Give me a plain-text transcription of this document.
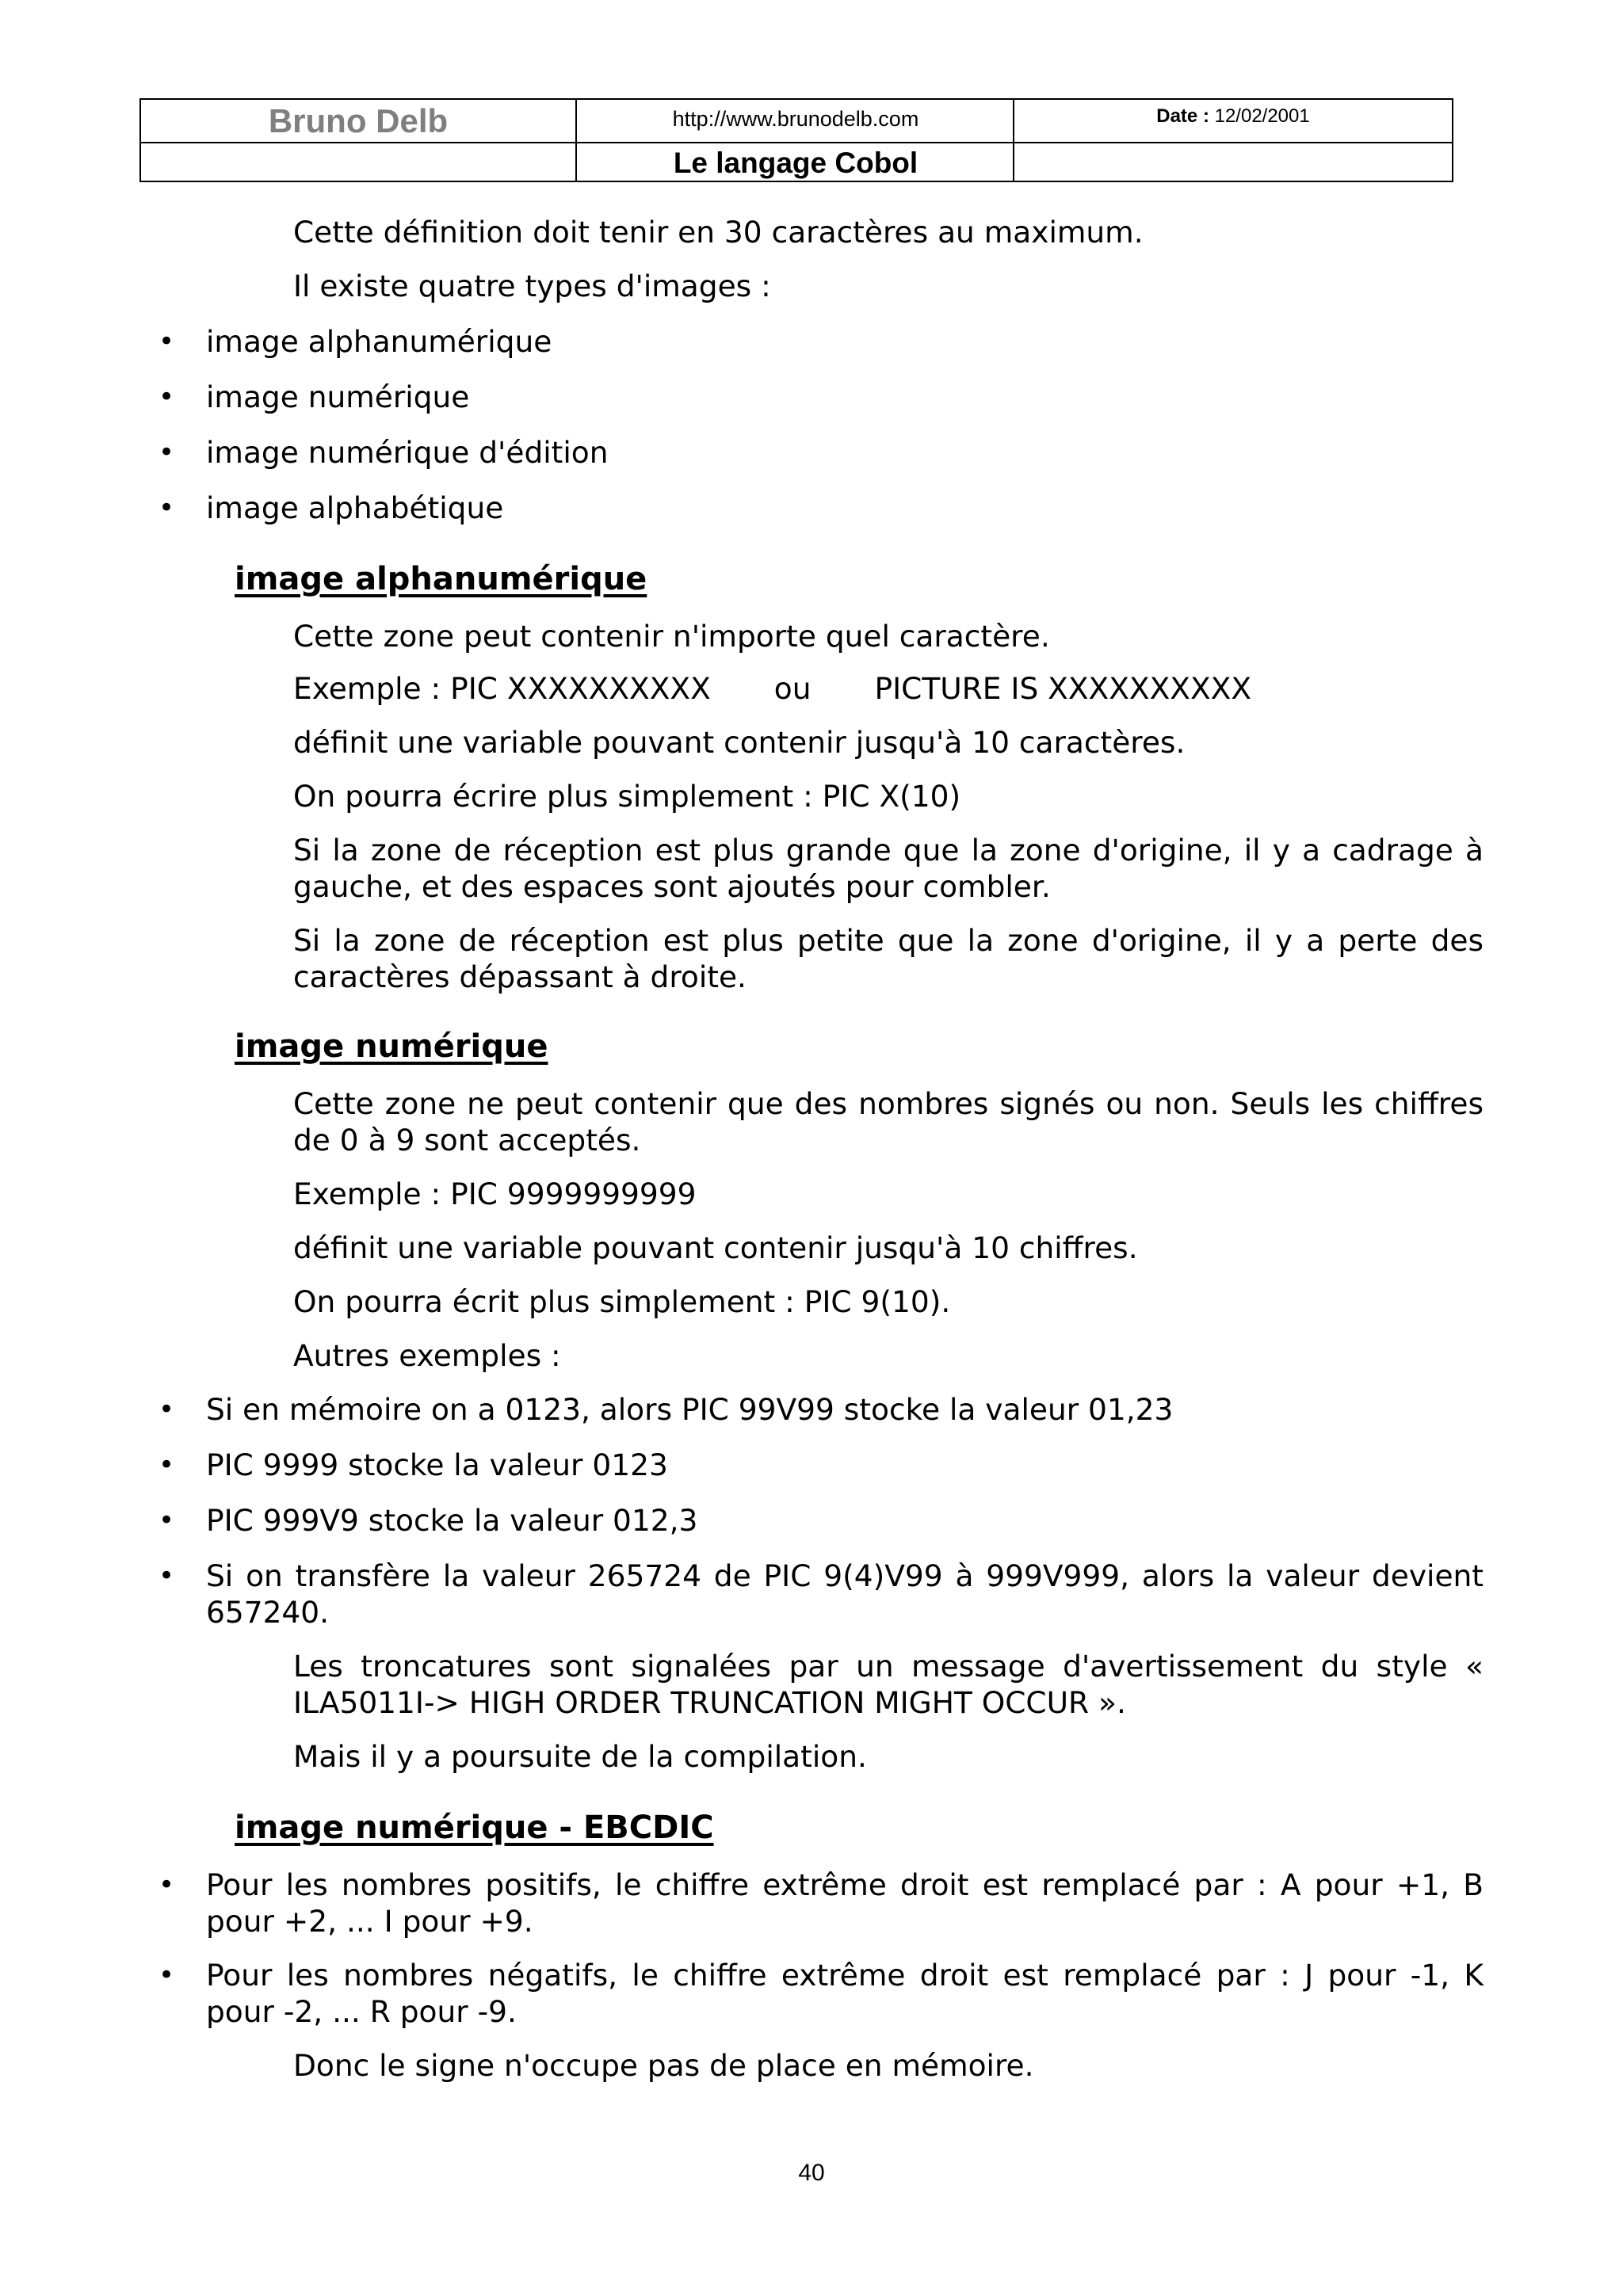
Bruno Delb	http://www.brunodelb.com	Date : 12/02/2001
Le langage Cobol

Cette définition doit tenir en 30 caractères au maximum.

Il existe quatre types d'images :

• image alphanumérique

• image numérique

• image numérique d'édition

• image alphabétique

image alphanumérique

Cette zone peut contenir n'importe quel caractère.

Exemple : PIC XXXXXXXXXX ou PICTURE IS XXXXXXXXXX

définit une variable pouvant contenir jusqu'à 10 caractères.

On pourra écrire plus simplement : PIC X(10)

Si la zone de réception est plus grande que la zone d'origine, il y a cadrage à gauche, et des espaces sont ajoutés pour combler.

Si la zone de réception est plus petite que la zone d'origine, il y a perte des caractères dépassant à droite.

image numérique

Cette zone ne peut contenir que des nombres signés ou non. Seuls les chiffres de 0 à 9 sont acceptés.

Exemple : PIC 9999999999

définit une variable pouvant contenir jusqu'à 10 chiffres.

On pourra écrit plus simplement : PIC 9(10).

Autres exemples :

• Si en mémoire on a 0123, alors PIC 99V99 stocke la valeur 01,23

• PIC 9999 stocke la valeur 0123

• PIC 999V9 stocke la valeur 012,3

• Si on transfère la valeur 265724 de PIC 9(4)V99 à 999V999, alors la valeur devient 657240.

Les troncatures sont signalées par un message d'avertissement du style « ILA5011I-> HIGH ORDER TRUNCATION MIGHT OCCUR ».

Mais il y a poursuite de la compilation.

image numérique - EBCDIC
• Pour les nombres positifs, le chiffre extrême droit est remplacé par : A pour +1, B pour +2, ... I pour +9.

• Pour les nombres négatifs, le chiffre extrême droit est remplacé par : J pour -1, K pour -2, ... R pour -9.

Donc le signe n'occupe pas de place en mémoire.

40
